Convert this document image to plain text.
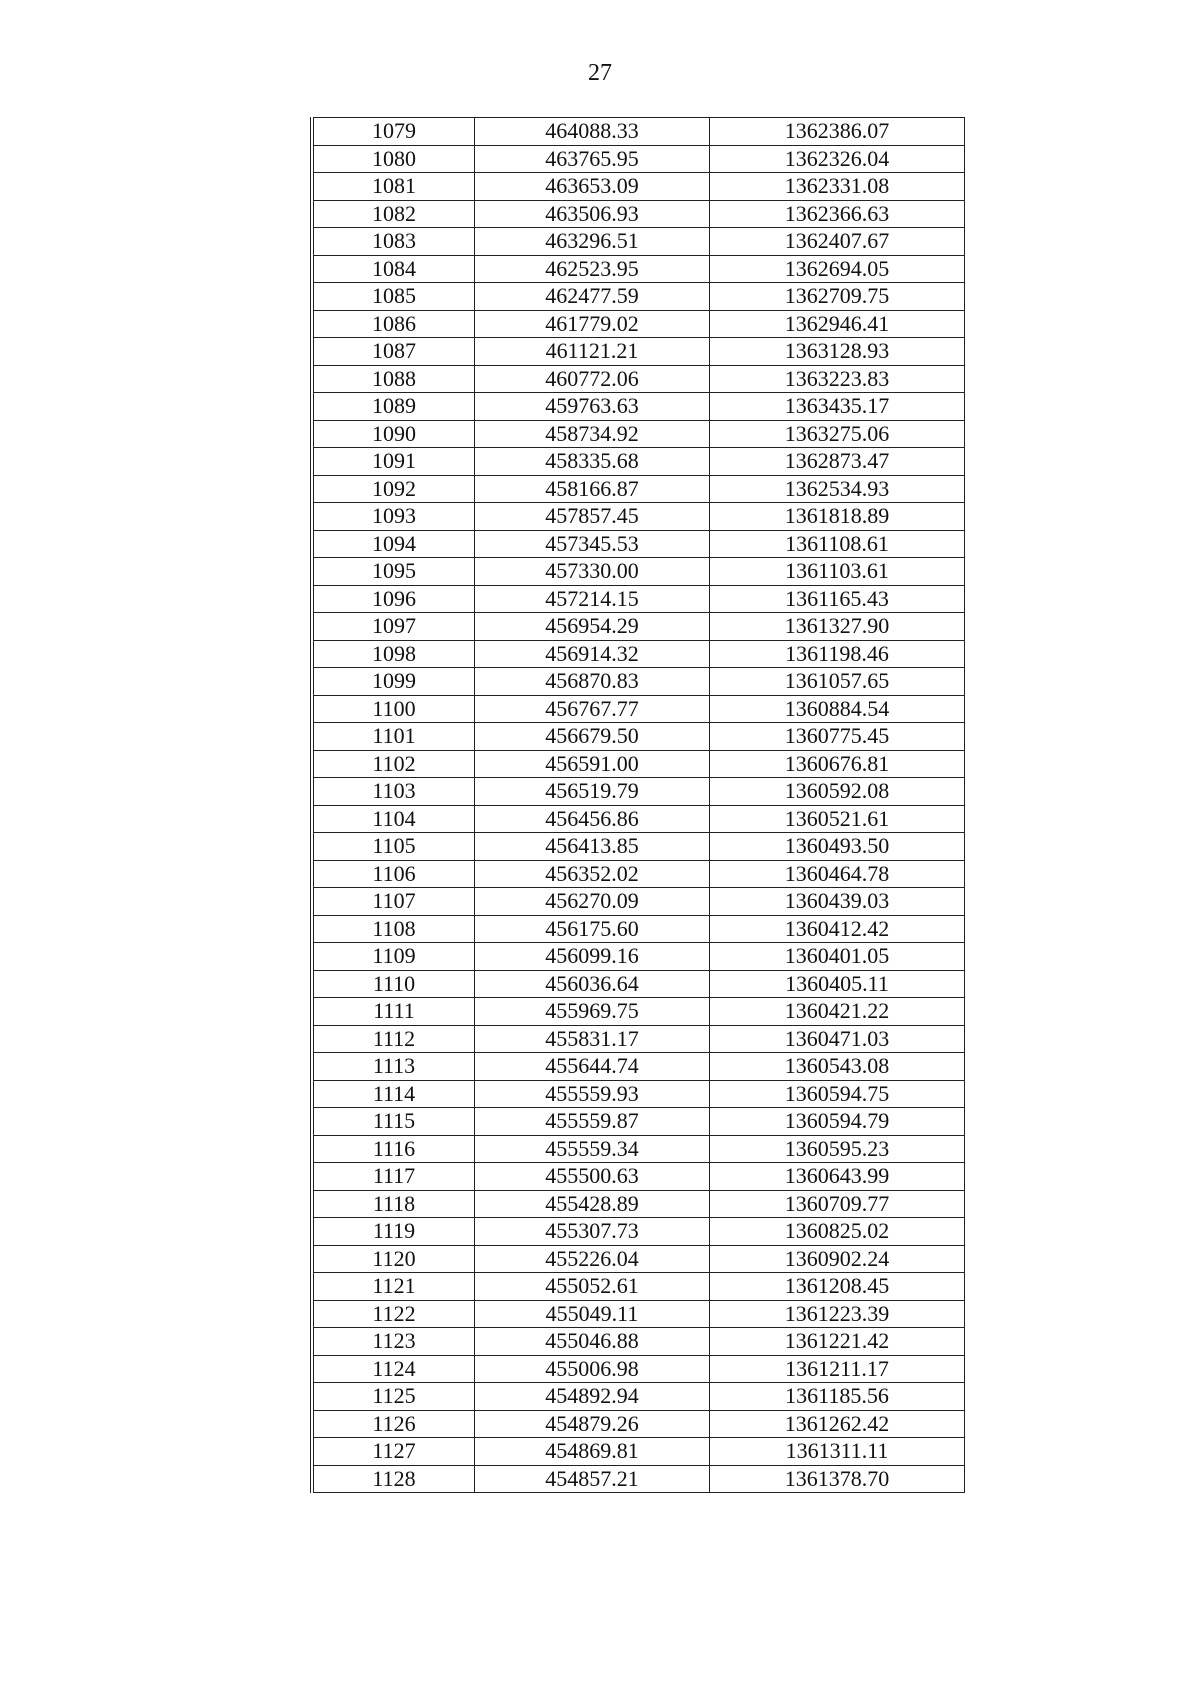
27
1079	464088.33	1362386.07
1080	463765.95	1362326.04
1081	463653.09	1362331.08
1082	463506.93	1362366.63
1083	463296.51	1362407.67
1084	462523.95	1362694.05
1085	462477.59	1362709.75
1086	461779.02	1362946.41
1087	461121.21	1363128.93
1088	460772.06	1363223.83
1089	459763.63	1363435.17
1090	458734.92	1363275.06
1091	458335.68	1362873.47
1092	458166.87	1362534.93
1093	457857.45	1361818.89
1094	457345.53	1361108.61
1095	457330.00	1361103.61
1096	457214.15	1361165.43
1097	456954.29	1361327.90
1098	456914.32	1361198.46
1099	456870.83	1361057.65
1100	456767.77	1360884.54
1101	456679.50	1360775.45
1102	456591.00	1360676.81
1103	456519.79	1360592.08
1104	456456.86	1360521.61
1105	456413.85	1360493.50
1106	456352.02	1360464.78
1107	456270.09	1360439.03
1108	456175.60	1360412.42
1109	456099.16	1360401.05
1110	456036.64	1360405.11
1111	455969.75	1360421.22
1112	455831.17	1360471.03
1113	455644.74	1360543.08
1114	455559.93	1360594.75
1115	455559.87	1360594.79
1116	455559.34	1360595.23
1117	455500.63	1360643.99
1118	455428.89	1360709.77
1119	455307.73	1360825.02
1120	455226.04	1360902.24
1121	455052.61	1361208.45
1122	455049.11	1361223.39
1123	455046.88	1361221.42
1124	455006.98	1361211.17
1125	454892.94	1361185.56
1126	454879.26	1361262.42
1127	454869.81	1361311.11
1128	454857.21	1361378.70
